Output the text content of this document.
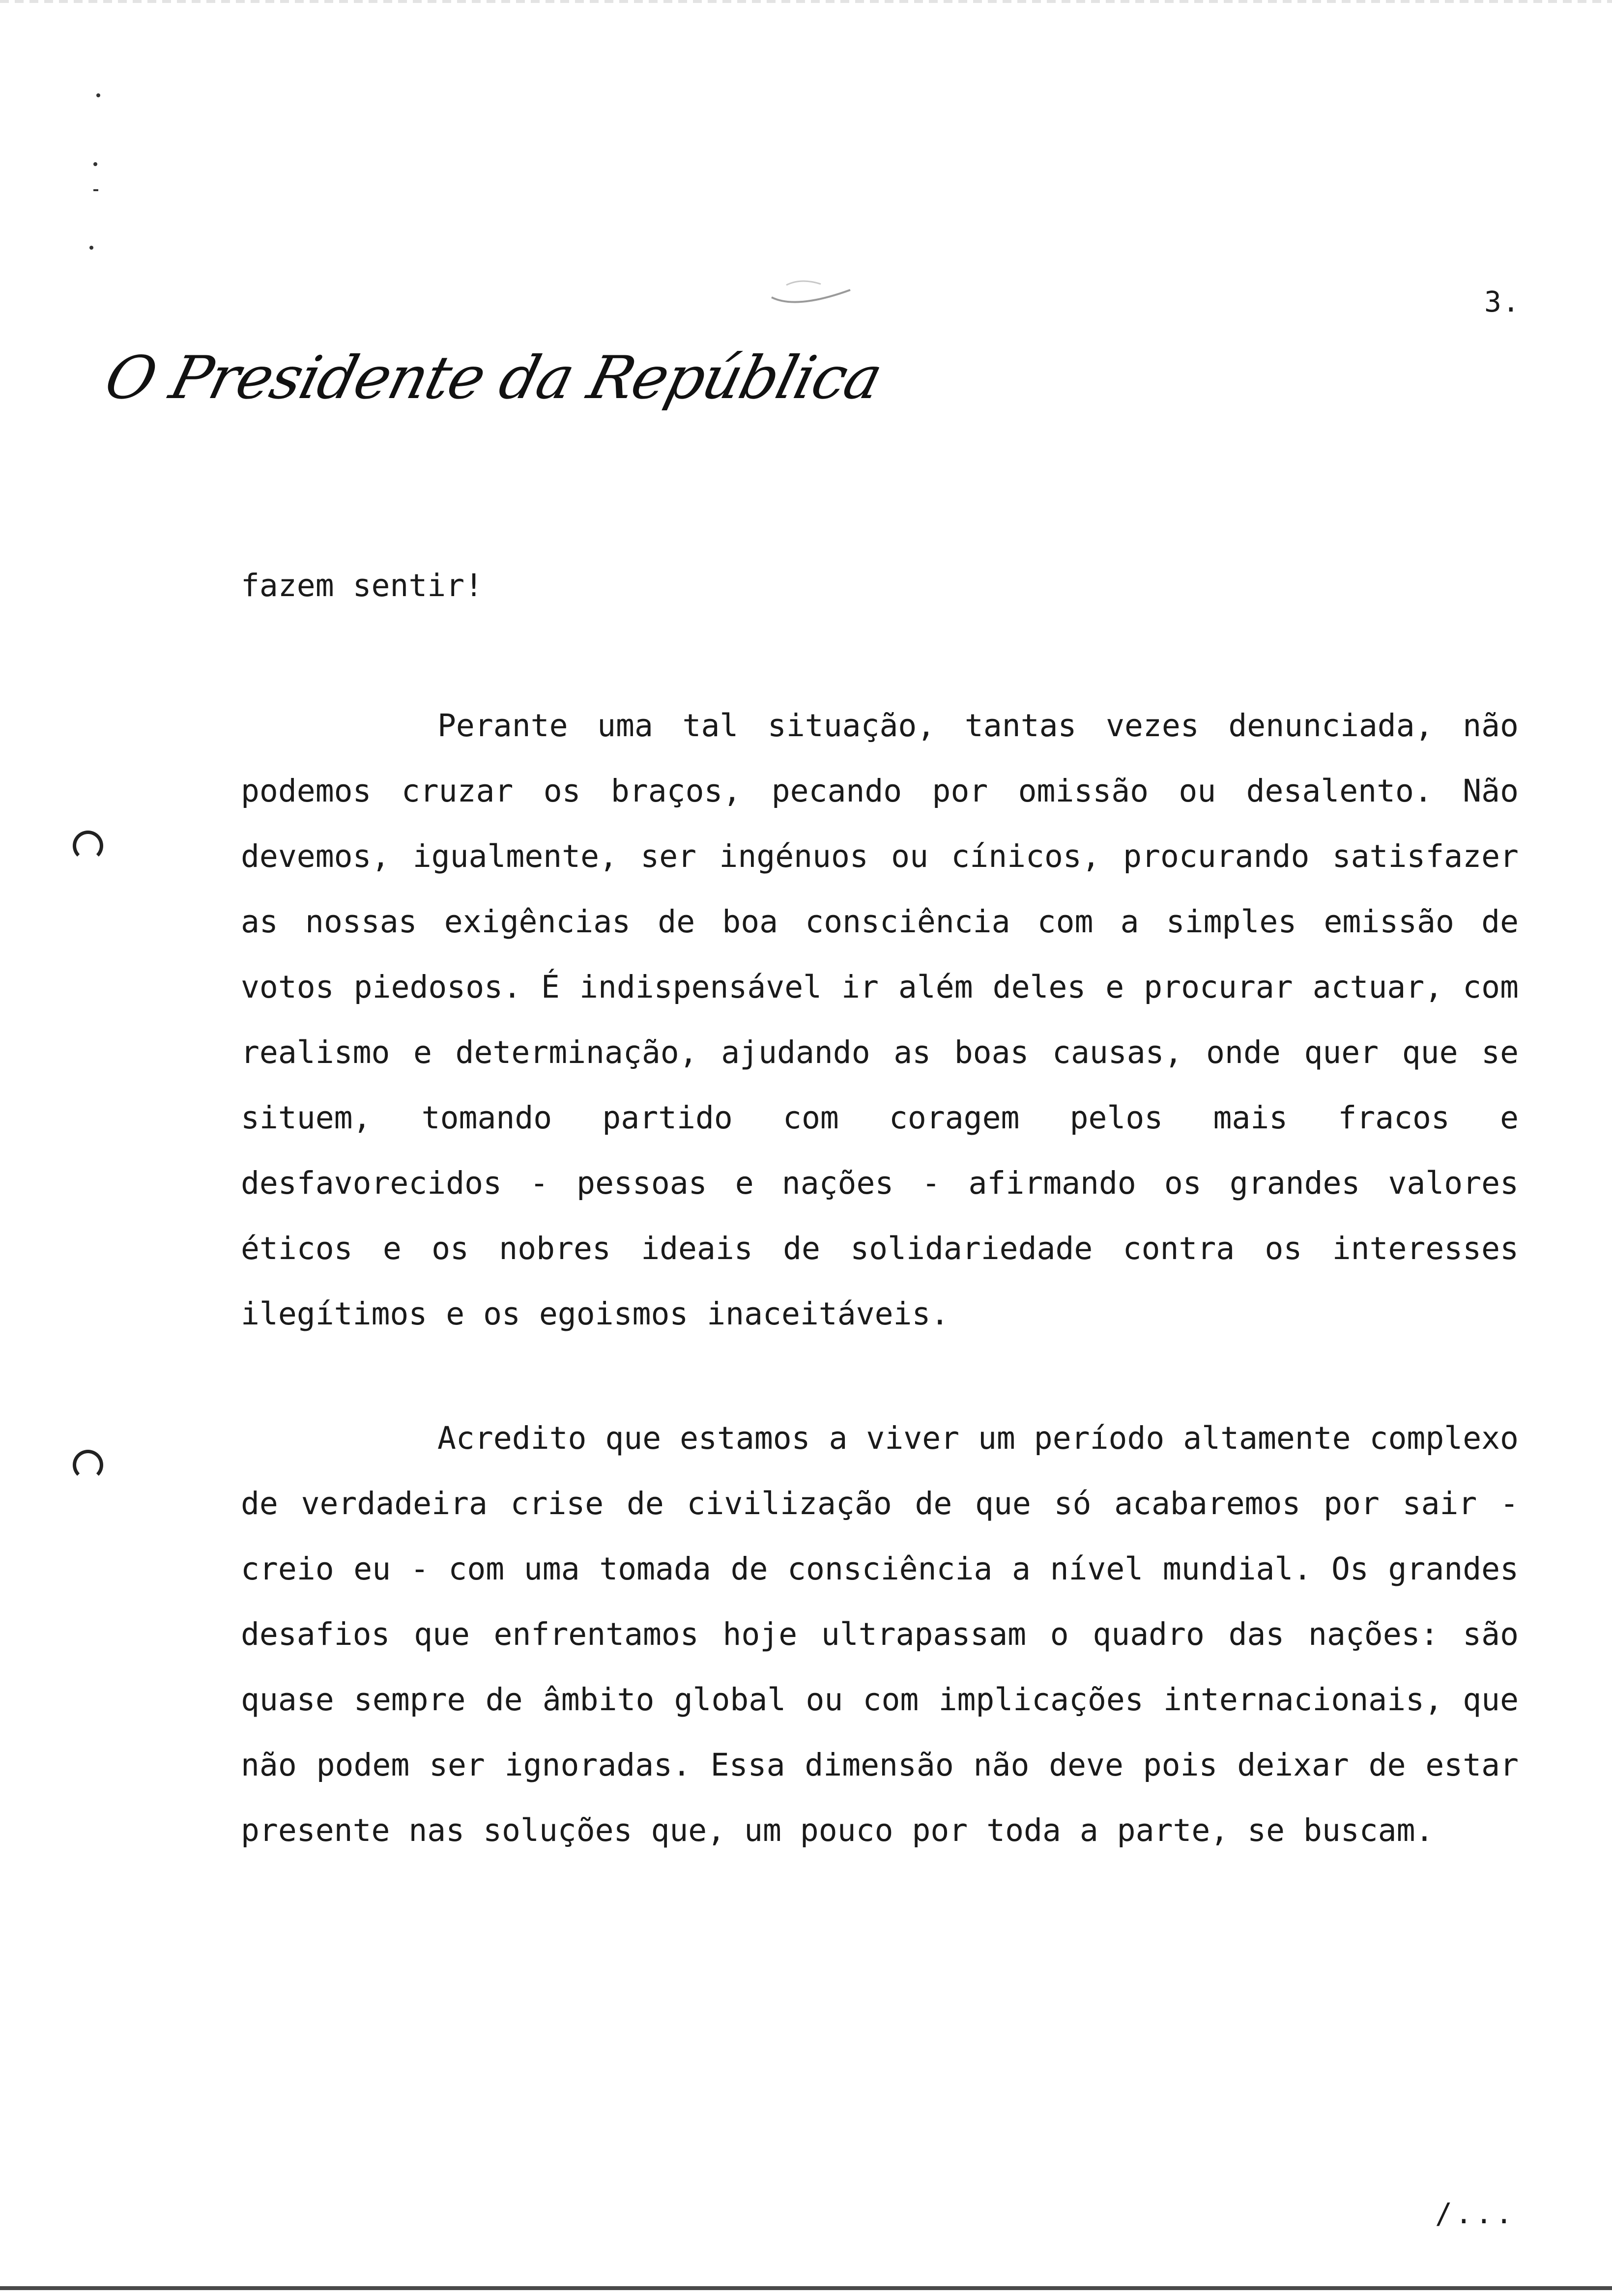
3.
O Presidente da República

fazem sentir!

Perante uma tal situação, tantas vezes denunciada, não podemos cruzar os braços, pecando por omissão ou desalento. Não devemos, igualmente, ser ingénuos ou cínicos, procurando satisfazer as nossas exigências de boa consciência com a simples emissão de votos piedosos. É indispensável ir além deles e procurar actuar, com realismo e determinação, ajudando as boas causas, onde quer que se situem, tomando partido com coragem pelos mais fracos e desfavorecidos - pessoas e nações - afirmando os grandes valores éticos e os nobres ideais de solidariedade contra os interesses ilegítimos e os egoismos inaceitáveis.

Acredito que estamos a viver um período altamente complexo de verdadeira crise de civilização de que só acabaremos por sair - creio eu - com uma tomada de consciência a nível mundial. Os grandes desafios que enfrentamos hoje ultrapassam o quadro das nações: são quase sempre de âmbito global ou com implicações internacionais, que não podem ser ignoradas. Essa dimensão não deve pois deixar de estar presente nas soluções que, um pouco por toda a parte, se buscam.

/...
